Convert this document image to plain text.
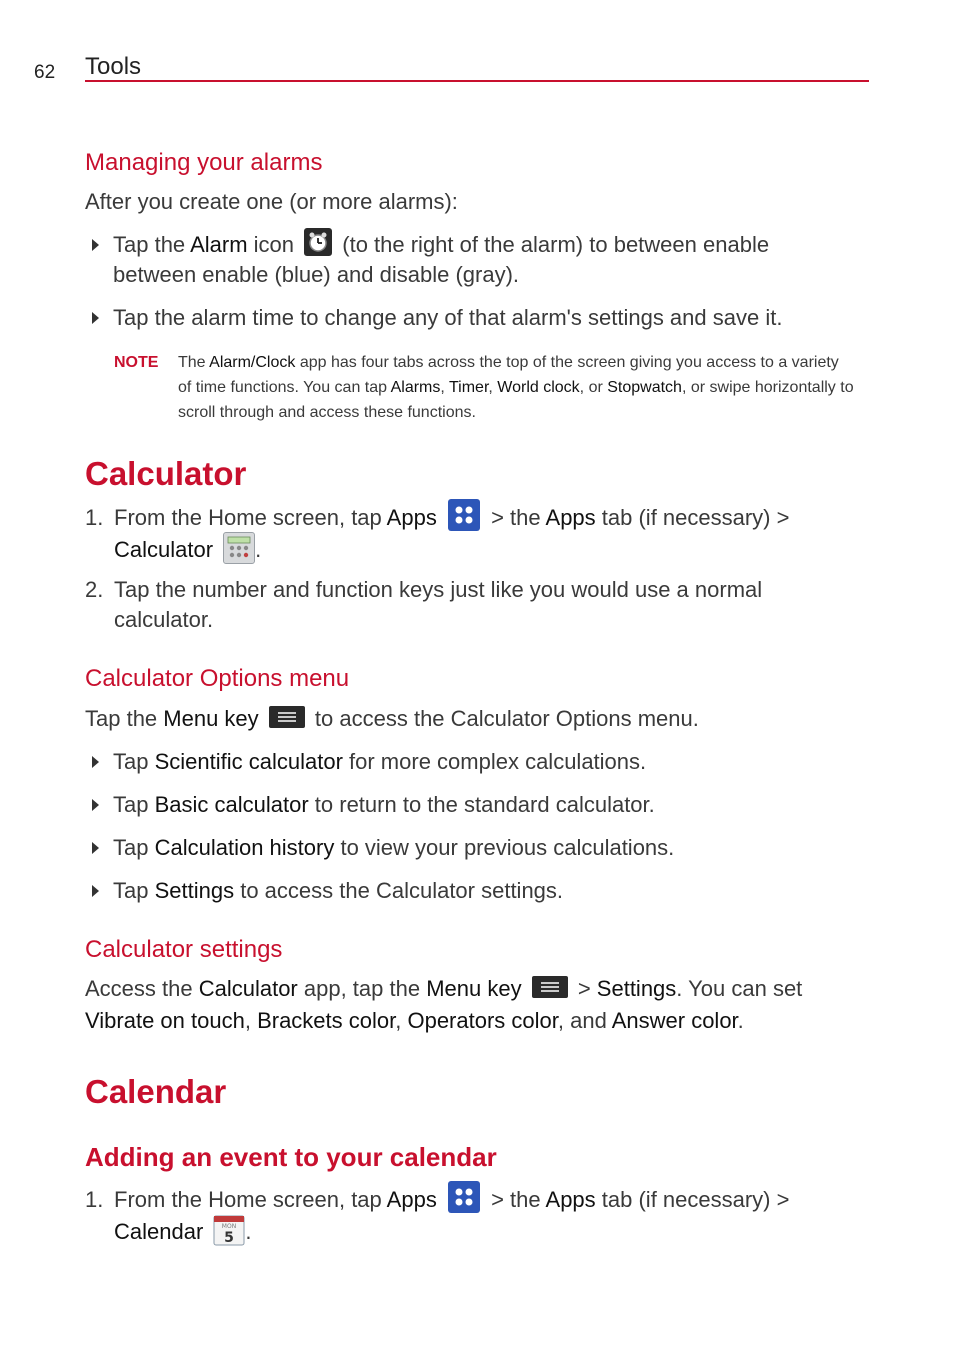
62 Tools
Managing your alarms
After you create one (or more alarms):
Tap the Alarm icon
(to the right of the alarm) to between enable
between enable (blue) and disable (gray).
Tap the alarm time to change any of that alarm's settings and save it.
NOTE The Alarm/Clock app has four tabs across the top of the screen giving you access to a variety of time functions. You can tap Alarms, Timer, World clock, or Stopwatch, or swipe horizontally to scroll through and access these functions.
Calculator
1. From the Home screen, tap Apps
> the Apps tab (if necessary) >
Calculator .
2. Tap the number and function keys just like you would use a normal
calculator.
Calculator Options menu
Tap the Menu key
to access the Calculator Options menu.
Tap Scientific calculator for more complex calculations.
Tap Basic calculator to return to the standard calculator.
Tap Calculation history to view your previous calculations.
Tap Settings to access the Calculator settings.
Calculator settings
Access the Calculator app, tap the Menu key
> Settings. You can set
Vibrate on touch, Brackets color, Operators color, and Answer color.
Calendar
Adding an event to your calendar
1. From the Home screen, tap Apps
> the Apps tab (if necessary) >
Calendar	MON
5 .
